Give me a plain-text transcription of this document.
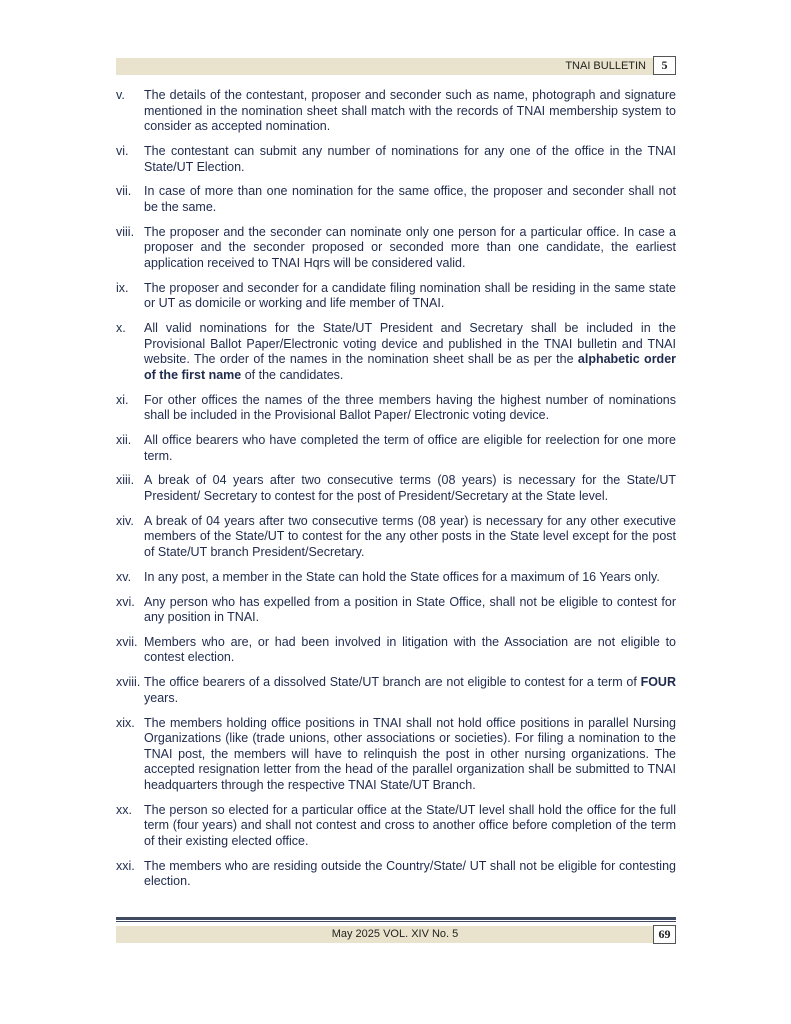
TNAI BULLETIN	5
v.	The details of the contestant, proposer and seconder such as name, photograph and signature mentioned in the nomination sheet shall match with the records of TNAI membership system to consider as accepted nomination.
vi.	The contestant can submit any number of nominations for any one of the office in the TNAI State/UT Election.
vii.	In case of more than one nomination for the same office, the proposer and seconder shall not be the same.
viii. The proposer and the seconder can nominate only one person for a particular office. In case a proposer and the seconder proposed or seconded more than one candidate, the earliest application received to TNAI Hqrs will be considered valid.
ix.	The proposer and seconder for a candidate filing nomination shall be residing in the same state or UT as domicile or working and life member of TNAI.
x.	All valid nominations for the State/UT President and Secretary shall be included in the Provisional Ballot Paper/Electronic voting device and published in the TNAI bulletin and TNAI website. The order of the names in the nomination sheet shall be as per the alphabetic order of the first name of the candidates.
xi.	For other offices the names of the three members having the highest number of nominations shall be included in the Provisional Ballot Paper/ Electronic voting device.
xii.	All office bearers who have completed the term of office are eligible for reelection for one more term.
xiii. A break of 04 years after two consecutive terms (08 years) is necessary for the State/UT President/ Secretary to contest for the post of President/Secretary at the State level.
xiv. A break of 04 years after two consecutive terms (08 year) is necessary for any other executive members of the State/UT to contest for the any other posts in the State level except for the post of State/UT branch President/Secretary.
xv.	In any post, a member in the State can hold the State offices for a maximum of 16 Years only.
xvi. Any person who has expelled from a position in State Office, shall not be eligible to contest for any position in TNAI.
xvii. Members who are, or had been involved in litigation with the Association are not eligible to contest election.
xviii. The office bearers of a dissolved State/UT branch are not eligible to contest for a term of FOUR years.
xix. The members holding office positions in TNAI shall not hold office positions in parallel Nursing Organizations (like (trade unions, other associations or societies). For filing a nomination to the TNAI post, the members will have to relinquish the post in other nursing organizations. The accepted resignation letter from the head of the parallel organization shall be submitted to TNAI headquarters through the respective TNAI State/UT Branch.
xx. The person so elected for a particular office at the State/UT level shall hold the office for the full term (four years) and shall not contest and cross to another office before completion of the term of their existing elected office.
xxi. The members who are residing outside the Country/State/ UT shall not be eligible for contesting election.
May 2025 VOL. XIV No. 5	69
